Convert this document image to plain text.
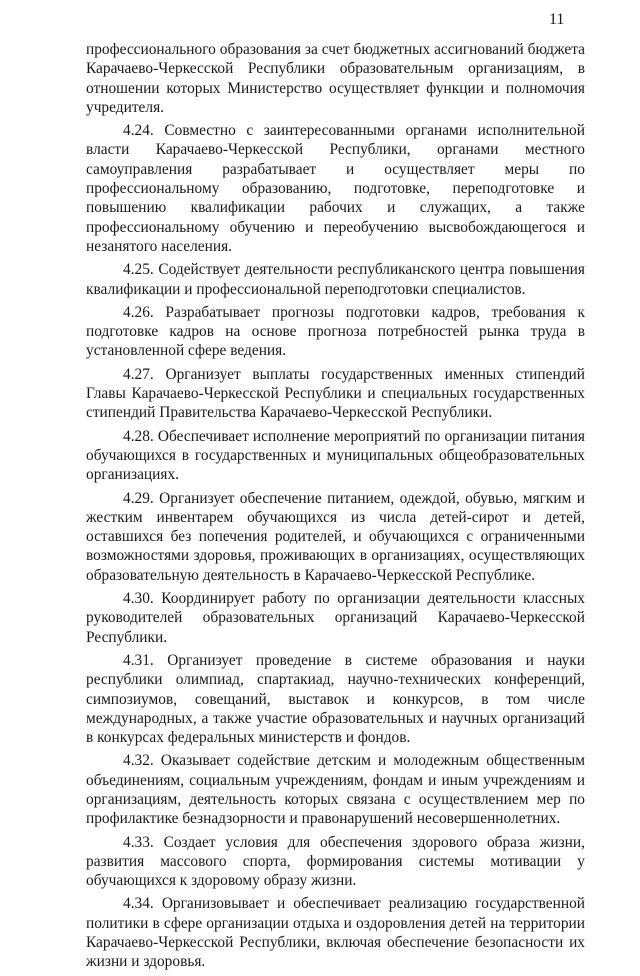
11

профессионального образования за счет бюджетных ассигнований бюджета Карачаево-Черкесской Республики образовательным организациям, в отношении которых Министерство осуществляет функции и полномочия учредителя.

4.24. Совместно с заинтересованными органами исполнительной власти Карачаево-Черкесской Республики, органами местного самоуправления разрабатывает и осуществляет меры по профессиональному образованию, подготовке, переподготовке и повышению квалификации рабочих и служащих, а также профессиональному обучению и переобучению высвобождающегося и незанятого населения.

4.25. Содействует деятельности республиканского центра повышения квалификации и профессиональной переподготовки специалистов.

4.26. Разрабатывает прогнозы подготовки кадров, требования к подготовке кадров на основе прогноза потребностей рынка труда в установленной сфере ведения.

4.27. Организует выплаты государственных именных стипендий Главы Карачаево-Черкесской Республики и специальных государственных стипендий Правительства Карачаево-Черкесской Республики.

4.28. Обеспечивает исполнение мероприятий по организации питания обучающихся в государственных и муниципальных общеобразовательных организациях.

4.29. Организует обеспечение питанием, одеждой, обувью, мягким и жестким инвентарем обучающихся из числа детей-сирот и детей, оставшихся без попечения родителей, и обучающихся с ограниченными возможностями здоровья, проживающих в организациях, осуществляющих образовательную деятельность в Карачаево-Черкесской Республике.

4.30. Координирует работу по организации деятельности классных руководителей образовательных организаций Карачаево-Черкесской Республики.

4.31. Организует проведение в системе образования и науки республики олимпиад, спартакиад, научно-технических конференций, симпозиумов, совещаний, выставок и конкурсов, в том числе международных, а также участие образовательных и научных организаций в конкурсах федеральных министерств и фондов.

4.32. Оказывает содействие детским и молодежным общественным объединениям, социальным учреждениям, фондам и иным учреждениям и организациям, деятельность которых связана с осуществлением мер по профилактике безнадзорности и правонарушений несовершеннолетних.

4.33. Создает условия для обеспечения здорового образа жизни, развития массового спорта, формирования системы мотивации у обучающихся к здоровому образу жизни.

4.34. Организовывает и обеспечивает реализацию государственной политики в сфере организации отдыха и оздоровления детей на территории Карачаево-Черкесской Республики, включая обеспечение безопасности их жизни и здоровья.
